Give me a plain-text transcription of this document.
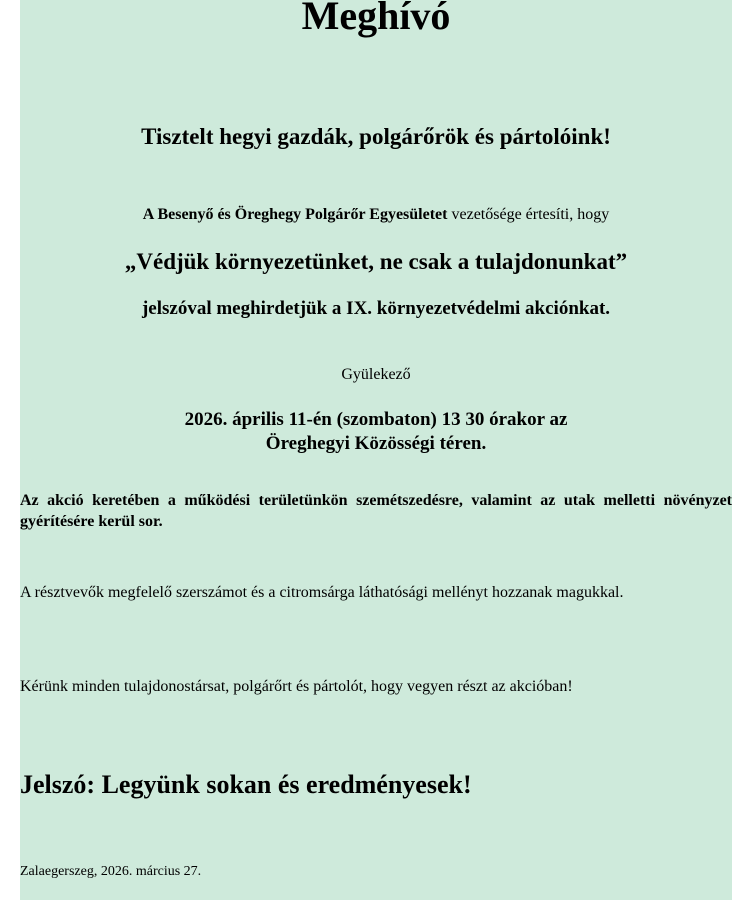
Meghívó
Tisztelt hegyi gazdák, polgárőrök és pártolóink!
A Besenyő és Öreghegy Polgárőr Egyesületet vezetősége értesíti, hogy
„Védjük környezetünket, ne csak a tulajdonunkat”
jelszóval meghirdetjük a IX. környezetvédelmi akciónkat.
Gyülekező
2026. április 11-én (szombaton) 13 30 órakor az
Öreghegyi Közösségi téren.
Az akció keretében a működési területünkön szemétszedésre, valamint az utak melletti növényzet gyérítésére kerül sor.
A résztvevők megfelelő szerszámot és a citromsárga láthatósági mellényt hozzanak magukkal.
Kérünk minden tulajdonostársat, polgárőrt és pártolót, hogy vegyen részt az akcióban!
Jelszó: Legyünk sokan és eredményesek!
Zalaegerszeg, 2026. március 27.
